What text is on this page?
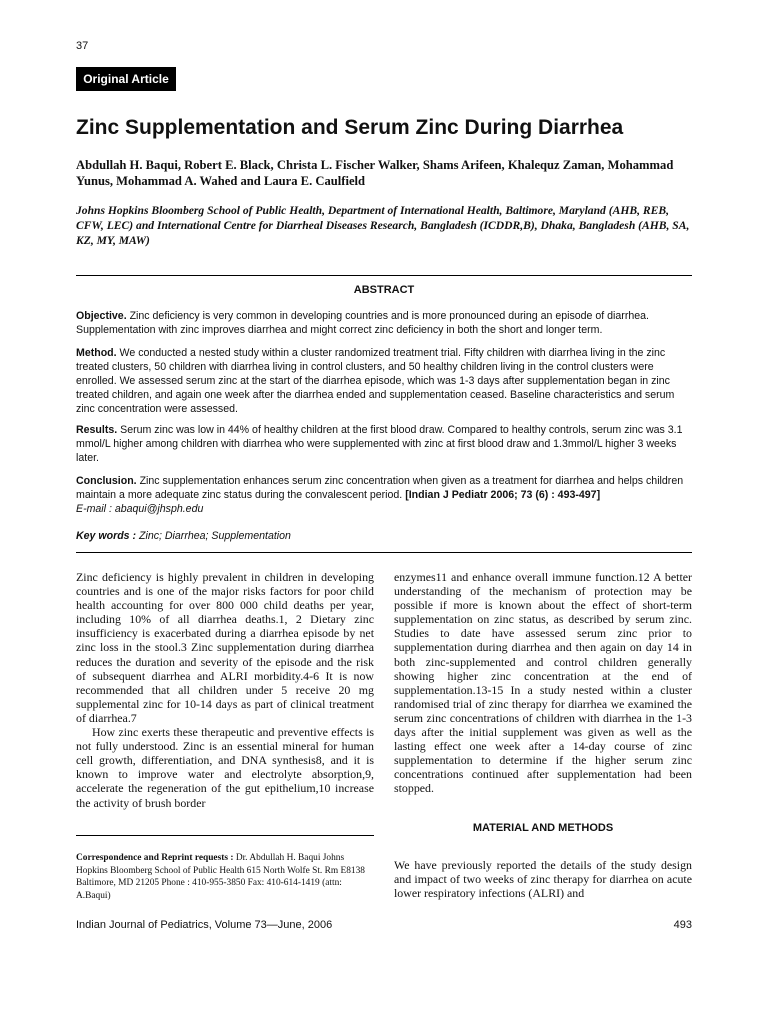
37
Original Article
Zinc Supplementation and Serum Zinc During Diarrhea
Abdullah H. Baqui, Robert E. Black, Christa L. Fischer Walker, Shams Arifeen, Khalequz Zaman, Mohammad Yunus, Mohammad A. Wahed and Laura E. Caulfield
Johns Hopkins Bloomberg School of Public Health, Department of International Health, Baltimore, Maryland (AHB, REB, CFW, LEC) and International Centre for Diarrheal Diseases Research, Bangladesh (ICDDR,B), Dhaka, Bangladesh (AHB, SA, KZ, MY, MAW)
ABSTRACT
Objective. Zinc deficiency is very common in developing countries and is more pronounced during an episode of diarrhea. Supplementation with zinc improves diarrhea and might correct zinc deficiency in both the short and longer term.
Method. We conducted a nested study within a cluster randomized treatment trial. Fifty children with diarrhea living in the zinc treated clusters, 50 children with diarrhea living in control clusters, and 50 healthy children living in the control clusters were enrolled. We assessed serum zinc at the start of the diarrhea episode, which was 1-3 days after supplementation began in zinc treated children, and again one week after the diarrhea ended and supplementation ceased. Baseline characteristics and serum zinc concentration were assessed.
Results. Serum zinc was low in 44% of healthy children at the first blood draw. Compared to healthy controls, serum zinc was 3.1 mmol/L higher among children with diarrhea who were supplemented with zinc at first blood draw and 1.3mmol/L higher 3 weeks later.
Conclusion. Zinc supplementation enhances serum zinc concentration when given as a treatment for diarrhea and helps children maintain a more adequate zinc status during the convalescent period. [Indian J Pediatr 2006; 73 (6) : 493-497]
E-mail : abaqui@jhsph.edu
Key words : Zinc; Diarrhea; Supplementation

Zinc deficiency is highly prevalent in children in developing countries and is one of the major risks factors for poor child health accounting for over 800 000 child deaths per year, including 10% of all diarrhea deaths.1, 2 Dietary zinc insufficiency is exacerbated during a diarrhea episode by net zinc loss in the stool.3 Zinc supplementation during diarrhea reduces the duration and severity of the episode and the risk of subsequent diarrhea and ALRI morbidity.4-6 It is now recommended that all children under 5 receive 20 mg supplemental zinc for 10-14 days as part of clinical treatment of diarrhea.7

How zinc exerts these therapeutic and preventive effects is not fully understood. Zinc is an essential mineral for human cell growth, differentiation, and DNA synthesis8, and it is known to improve water and electrolyte absorption,9, accelerate the regeneration of the gut epithelium,10 increase the activity of brush border

enzymes11 and enhance overall immune function.12 A better understanding of the mechanism of protection may be possible if more is known about the effect of short-term supplementation on zinc status, as described by serum zinc. Studies to date have assessed serum zinc prior to supplementation during diarrhea and then again on day 14 in both zinc-supplemented and control children generally showing higher zinc concentration at the end of supplementation.13-15 In a study nested within a cluster randomised trial of zinc therapy for diarrhea we examined the serum zinc concentrations of children with diarrhea in the 1-3 days after the initial supplement was given as well as the lasting effect one week after a 14-day course of zinc supplementation to determine if the higher serum zinc concentrations continued after supplementation had been stopped.

MATERIAL AND METHODS
We have previously reported the details of the study design and impact of two weeks of zinc therapy for diarrhea on acute lower respiratory infections (ALRI) and
Correspondence and Reprint requests : Dr. Abdullah H. Baqui Johns Hopkins Bloomberg School of Public Health 615 North Wolfe St. Rm E8138 Baltimore, MD 21205 Phone : 410-955-3850 Fax: 410-614-1419 (attn: A.Baqui)
Indian Journal of Pediatrics, Volume 73—June, 2006	493
